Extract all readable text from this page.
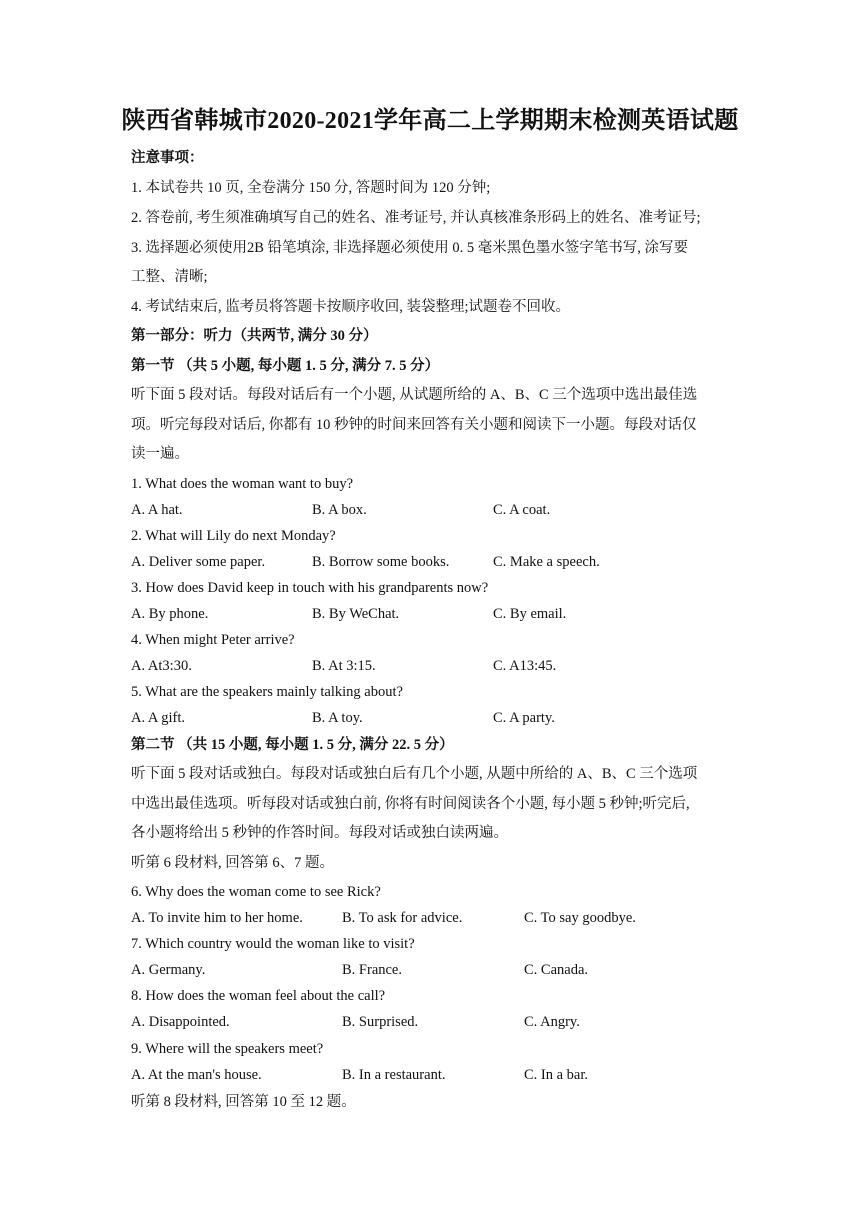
陕西省韩城市2020-2021学年高二上学期期末检测英语试题
注意事项：
1. 本试卷共 10 页, 全卷满分 150 分, 答题时间为 120 分钟;
2. 答卷前, 考生须准确填写自己的姓名、准考证号, 并认真核准条形码上的姓名、准考证号;
3. 选择题必须使用2B 铅笔填涂, 非选择题必须使用 0. 5 毫米黑色墨水签字笔书写, 涂写要
工整、清晰;
4. 考试结束后, 监考员将答题卡按顺序收回, 装袋整理;试题卷不回收。
第一部分：听力（共两节, 满分 30 分）
第一节 （共 5 小题, 每小题 1. 5 分, 满分 7. 5 分）
听下面 5 段对话。每段对话后有一个小题, 从试题所给的 A、B、C 三个选项中选出最佳选
项。听完每段对话后, 你都有 10 秒钟的时间来回答有关小题和阅读下一小题。每段对话仅
读一遍。
1. What does the woman want to buy?
A. A hat.	B. A box.	C. A coat.
2. What will Lily do next Monday?
A. Deliver some paper.	B. Borrow some books.	C. Make a speech.
3. How does David keep in touch with his grandparents now?
A. By phone.	B. By WeChat.	C. By email.
4. When might Peter arrive?
A. At3:30.	B. At 3:15.	C. A13:45.
5. What are the speakers mainly talking about?
A. A gift.	B. A toy.	C. A party.
第二节 （共 15 小题, 每小题 1. 5 分, 满分 22. 5 分）
听下面 5 段对话或独白。每段对话或独白后有几个小题, 从题中所给的 A、B、C 三个选项
中选出最佳选项。听每段对话或独白前, 你将有时间阅读各个小题, 每小题 5 秒钟;听完后,
各小题将给出 5 秒钟的作答时间。每段对话或独白读两遍。
听第 6 段材料, 回答第 6、7 题。
6. Why does the woman come to see Rick?
A. To invite him to her home.	B. To ask for advice.	C. To say goodbye.
7. Which country would the woman like to visit?
A. Germany.	B. France.	C. Canada.
8. How does the woman feel about the call?
A. Disappointed.	B. Surprised.	C. Angry.
9. Where will the speakers meet?
A. At the man's house.	B. In a restaurant.	C. In a bar.
听第 8 段材料, 回答第 10 至 12 题。
